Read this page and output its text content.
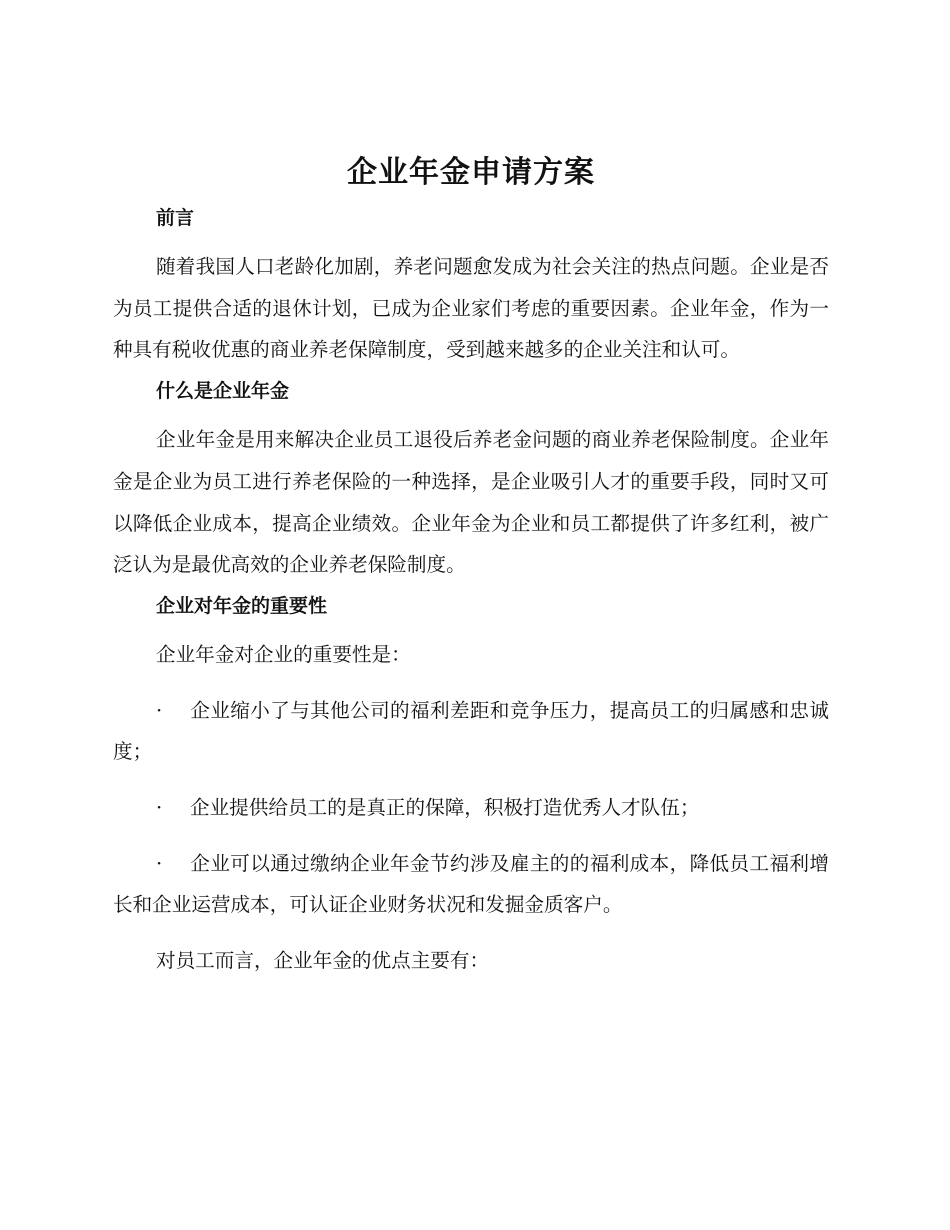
企业年金申请方案
前言

随着我国人口老龄化加剧，养老问题愈发成为社会关注的热点问题。企业是否为员工提供合适的退休计划，已成为企业家们考虑的重要因素。企业年金，作为一种具有税收优惠的商业养老保障制度，受到越来越多的企业关注和认可。

什么是企业年金

企业年金是用来解决企业员工退役后养老金问题的商业养老保险制度。企业年金是企业为员工进行养老保险的一种选择，是企业吸引人才的重要手段，同时又可以降低企业成本，提高企业绩效。企业年金为企业和员工都提供了许多红利，被广泛认为是最优高效的企业养老保险制度。

企业对年金的重要性

企业年金对企业的重要性是：

· 企业缩小了与其他公司的福利差距和竞争压力，提高员工的归属感和忠诚度；

· 企业提供给员工的是真正的保障，积极打造优秀人才队伍；

· 企业可以通过缴纳企业年金节约涉及雇主的的福利成本，降低员工福利增长和企业运营成本，可认证企业财务状况和发掘金质客户。

对员工而言，企业年金的优点主要有：
